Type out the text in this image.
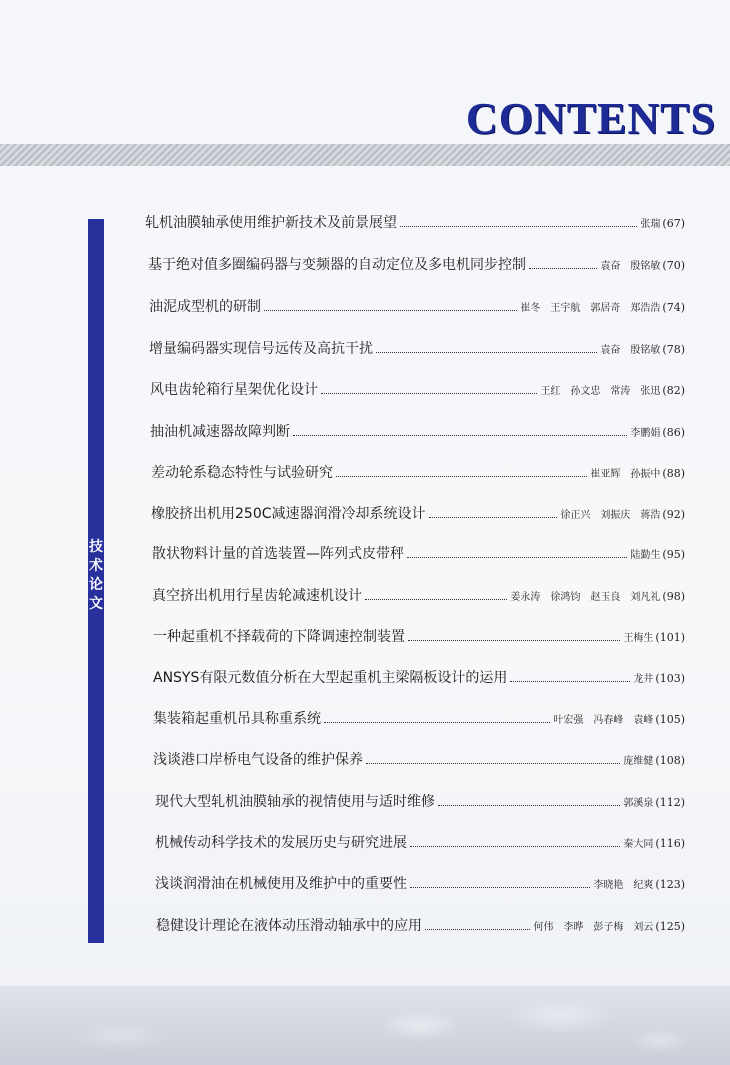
CONTENTS
技
术
论
文
轧机油膜轴承使用维护新技术及前景展望	张瑞 (67)
基于绝对值多圈编码器与变频器的自动定位及多电机同步控制	袁奋　殷铭敏 (70)
油泥成型机的研制	崔冬　王宇航　郭居奇　郑浩浩 (74)
增量编码器实现信号远传及高抗干扰	袁奋　殷铭敏 (78)
风电齿轮箱行星架优化设计	王红　孙文忠　常涛　张迅 (82)
抽油机减速器故障判断	李鹏娟 (86)
差动轮系稳态特性与试验研究	崔亚辉　孙振中 (88)
橡胶挤出机用250C减速器润滑冷却系统设计	徐正兴　刘振庆　蒋浩 (92)
散状物料计量的首选装置—阵列式皮带秤	陆勤生 (95)
真空挤出机用行星齿轮减速机设计	姜永涛　徐鸿钧　赵玉良　刘凡礼 (98)
一种起重机不择载荷的下降调速控制装置	王梅生 (101)
ANSYS有限元数值分析在大型起重机主梁隔板设计的运用	龙井 (103)
集装箱起重机吊具称重系统	叶宏强　冯春峰　袁峰 (105)
浅谈港口岸桥电气设备的维护保养	庞维健 (108)
现代大型轧机油膜轴承的视情使用与适时维修	郭溪泉 (112)
机械传动科学技术的发展历史与研究进展	秦大同 (116)
浅谈润滑油在机械使用及维护中的重要性	李晓艳　纪爽 (123)
稳健设计理论在液体动压滑动轴承中的应用	何伟　李晔　彭子梅　刘云 (125)
